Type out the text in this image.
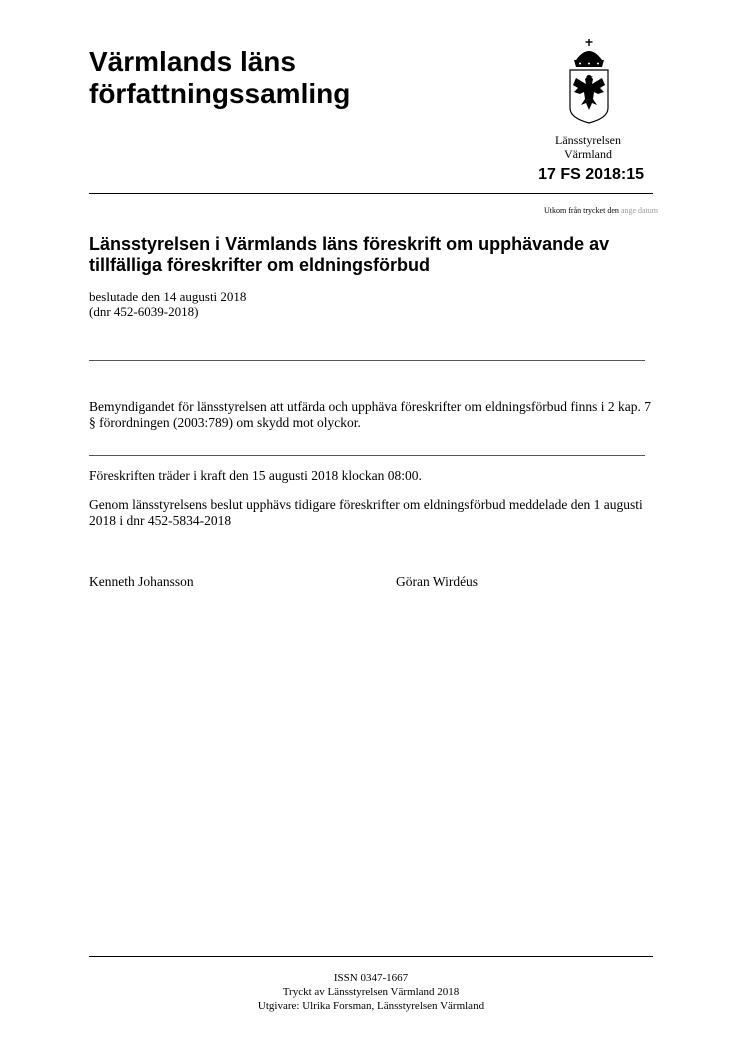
Värmlands läns
författningssamling
Länsstyrelsen
Värmland
17 FS 2018:15
Utkom från trycket den ange datum
Länsstyrelsen i Värmlands läns föreskrift om upphävande av tillfälliga föreskrifter om eldningsförbud
beslutade den 14 augusti 2018
(dnr 452-6039-2018)
Bemyndigandet för länsstyrelsen att utfärda och upphäva föreskrifter om eldningsförbud finns i 2 kap. 7 § förordningen (2003:789) om skydd mot olyckor.
Föreskriften träder i kraft den 15 augusti 2018 klockan 08:00.
Genom länsstyrelsens beslut upphävs tidigare föreskrifter om eldningsförbud meddelade den 1 augusti 2018 i dnr 452-5834-2018
Kenneth Johansson	Göran Wirdéus
ISSN 0347-1667
Tryckt av Länsstyrelsen Värmland 2018
Utgivare: Ulrika Forsman, Länsstyrelsen Värmland
